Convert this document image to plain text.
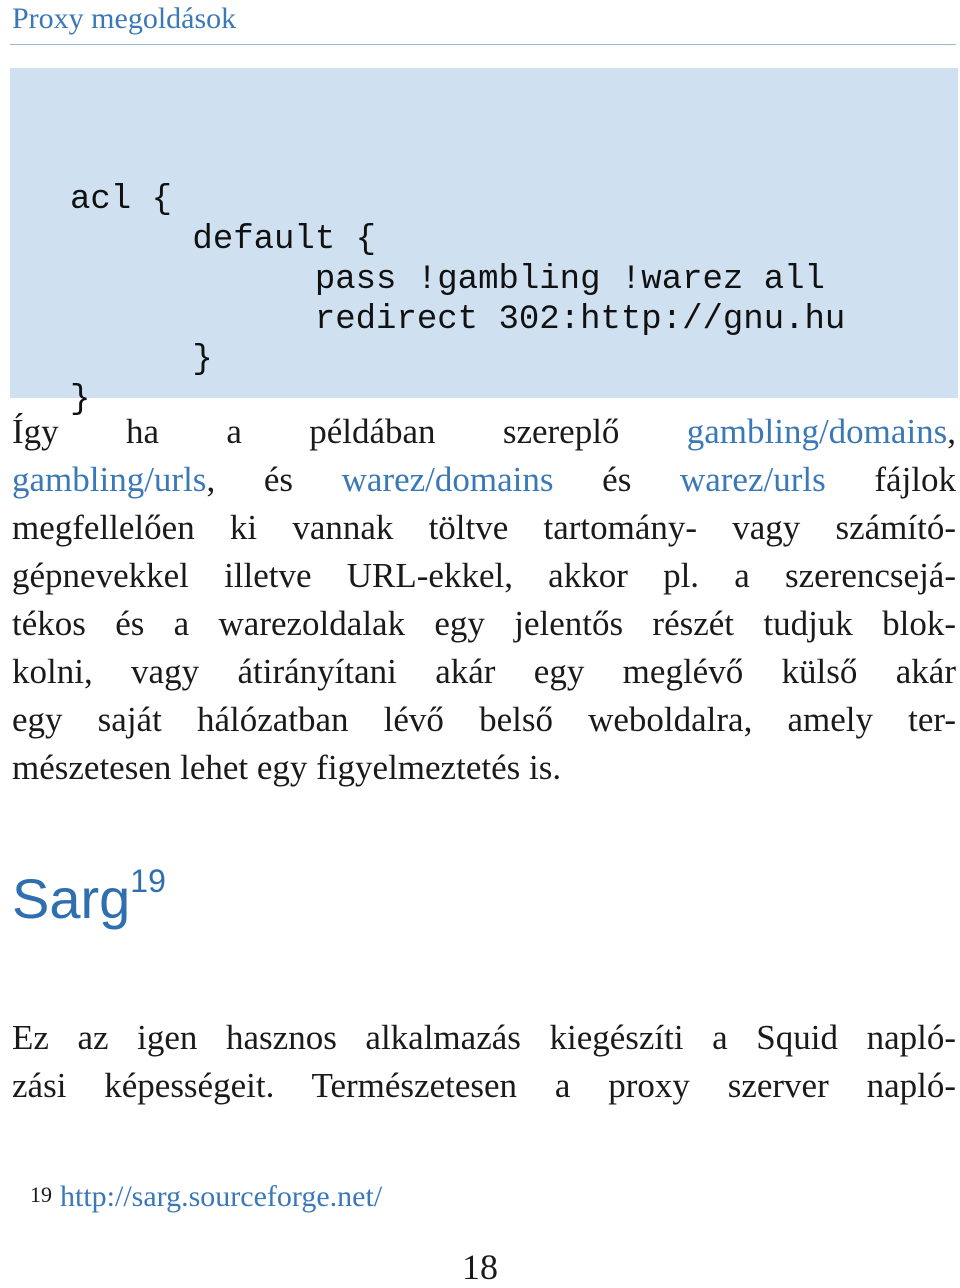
Proxy megoldások

acl {

default {

pass !gambling !warez all

redirect 302:http://gnu.hu

}

}

Így ha a példában szereplő gambling/domains,
gambling/urls, és warez/domains és warez/urls fájlok
megfellelően ki vannak töltve tartomány- vagy számító-
gépnevekkel illetve URL-ekkel, akkor pl. a szerencsejá-
tékos és a warezoldalak egy jelentős részét tudjuk blok-
kolni, vagy átirányítani akár egy meglévő külső akár
egy saját hálózatban lévő belső weboldalra, amely ter-
mészetesen lehet egy figyelmeztetés is.
Sarg$^{19}$
Ez az igen hasznos alkalmazás kiegészíti a Squid napló-
zási képességeit. Természetesen a proxy szerver napló-
$^{19}$ http://sarg.sourceforge.net/
18
